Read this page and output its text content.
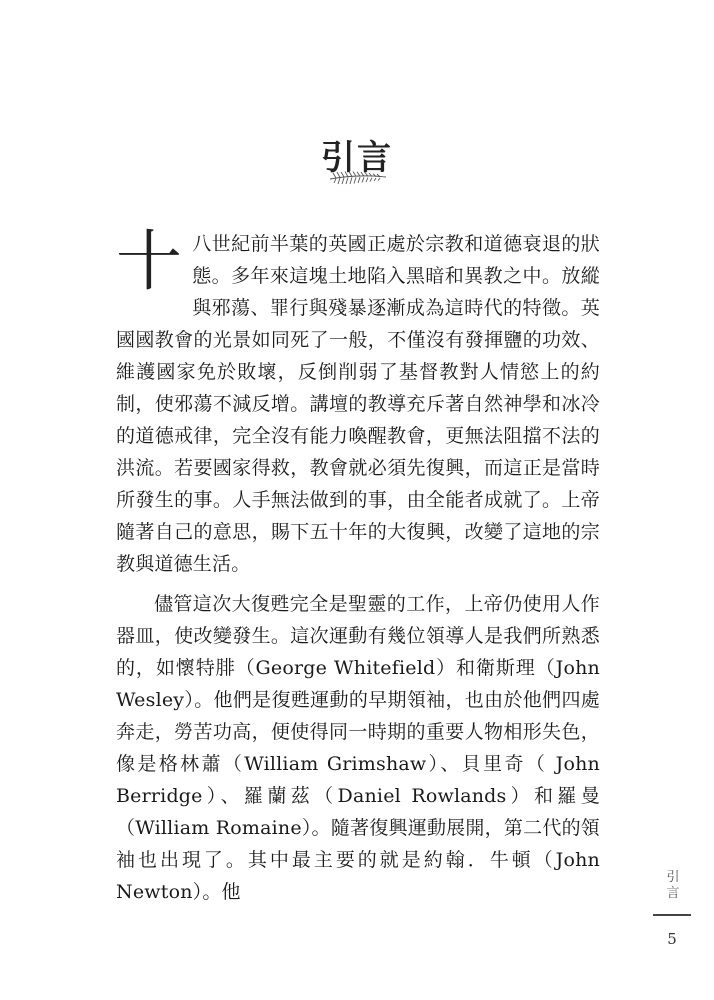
引言

十八世紀前半葉的英國正處於宗教和道德衰退的狀態。多年來這塊土地陷入黑暗和異教之中。放縱與邪蕩、罪行與殘暴逐漸成為這時代的特徵。英國國教會的光景如同死了一般，不僅沒有發揮鹽的功效、維護國家免於敗壞，反倒削弱了基督教對人情慾上的約制，使邪蕩不減反增。講壇的教導充斥著自然神學和冰冷的道德戒律，完全沒有能力喚醒教會，更無法阻擋不法的洪流。若要國家得救，教會就必須先復興，而這正是當時所發生的事。人手無法做到的事，由全能者成就了。上帝隨著自己的意思，賜下五十年的大復興，改變了這地的宗教與道德生活。

儘管這次大復甦完全是聖靈的工作，上帝仍使用人作器皿，使改變發生。這次運動有幾位領導人是我們所熟悉的，如懷特腓（George Whitefield）和衛斯理（John Wesley）。他們是復甦運動的早期領袖，也由於他們四處奔走，勞苦功高，便使得同一時期的重要人物相形失色，像是格林蕭（William Grimshaw）、貝里奇（ John Berridge）、羅蘭茲（Daniel Rowlands）和羅曼（William Romaine）。隨著復興運動展開，第二代的領袖也出現了。其中最主要的就是約翰．牛頓（John Newton）。他

引言
5
